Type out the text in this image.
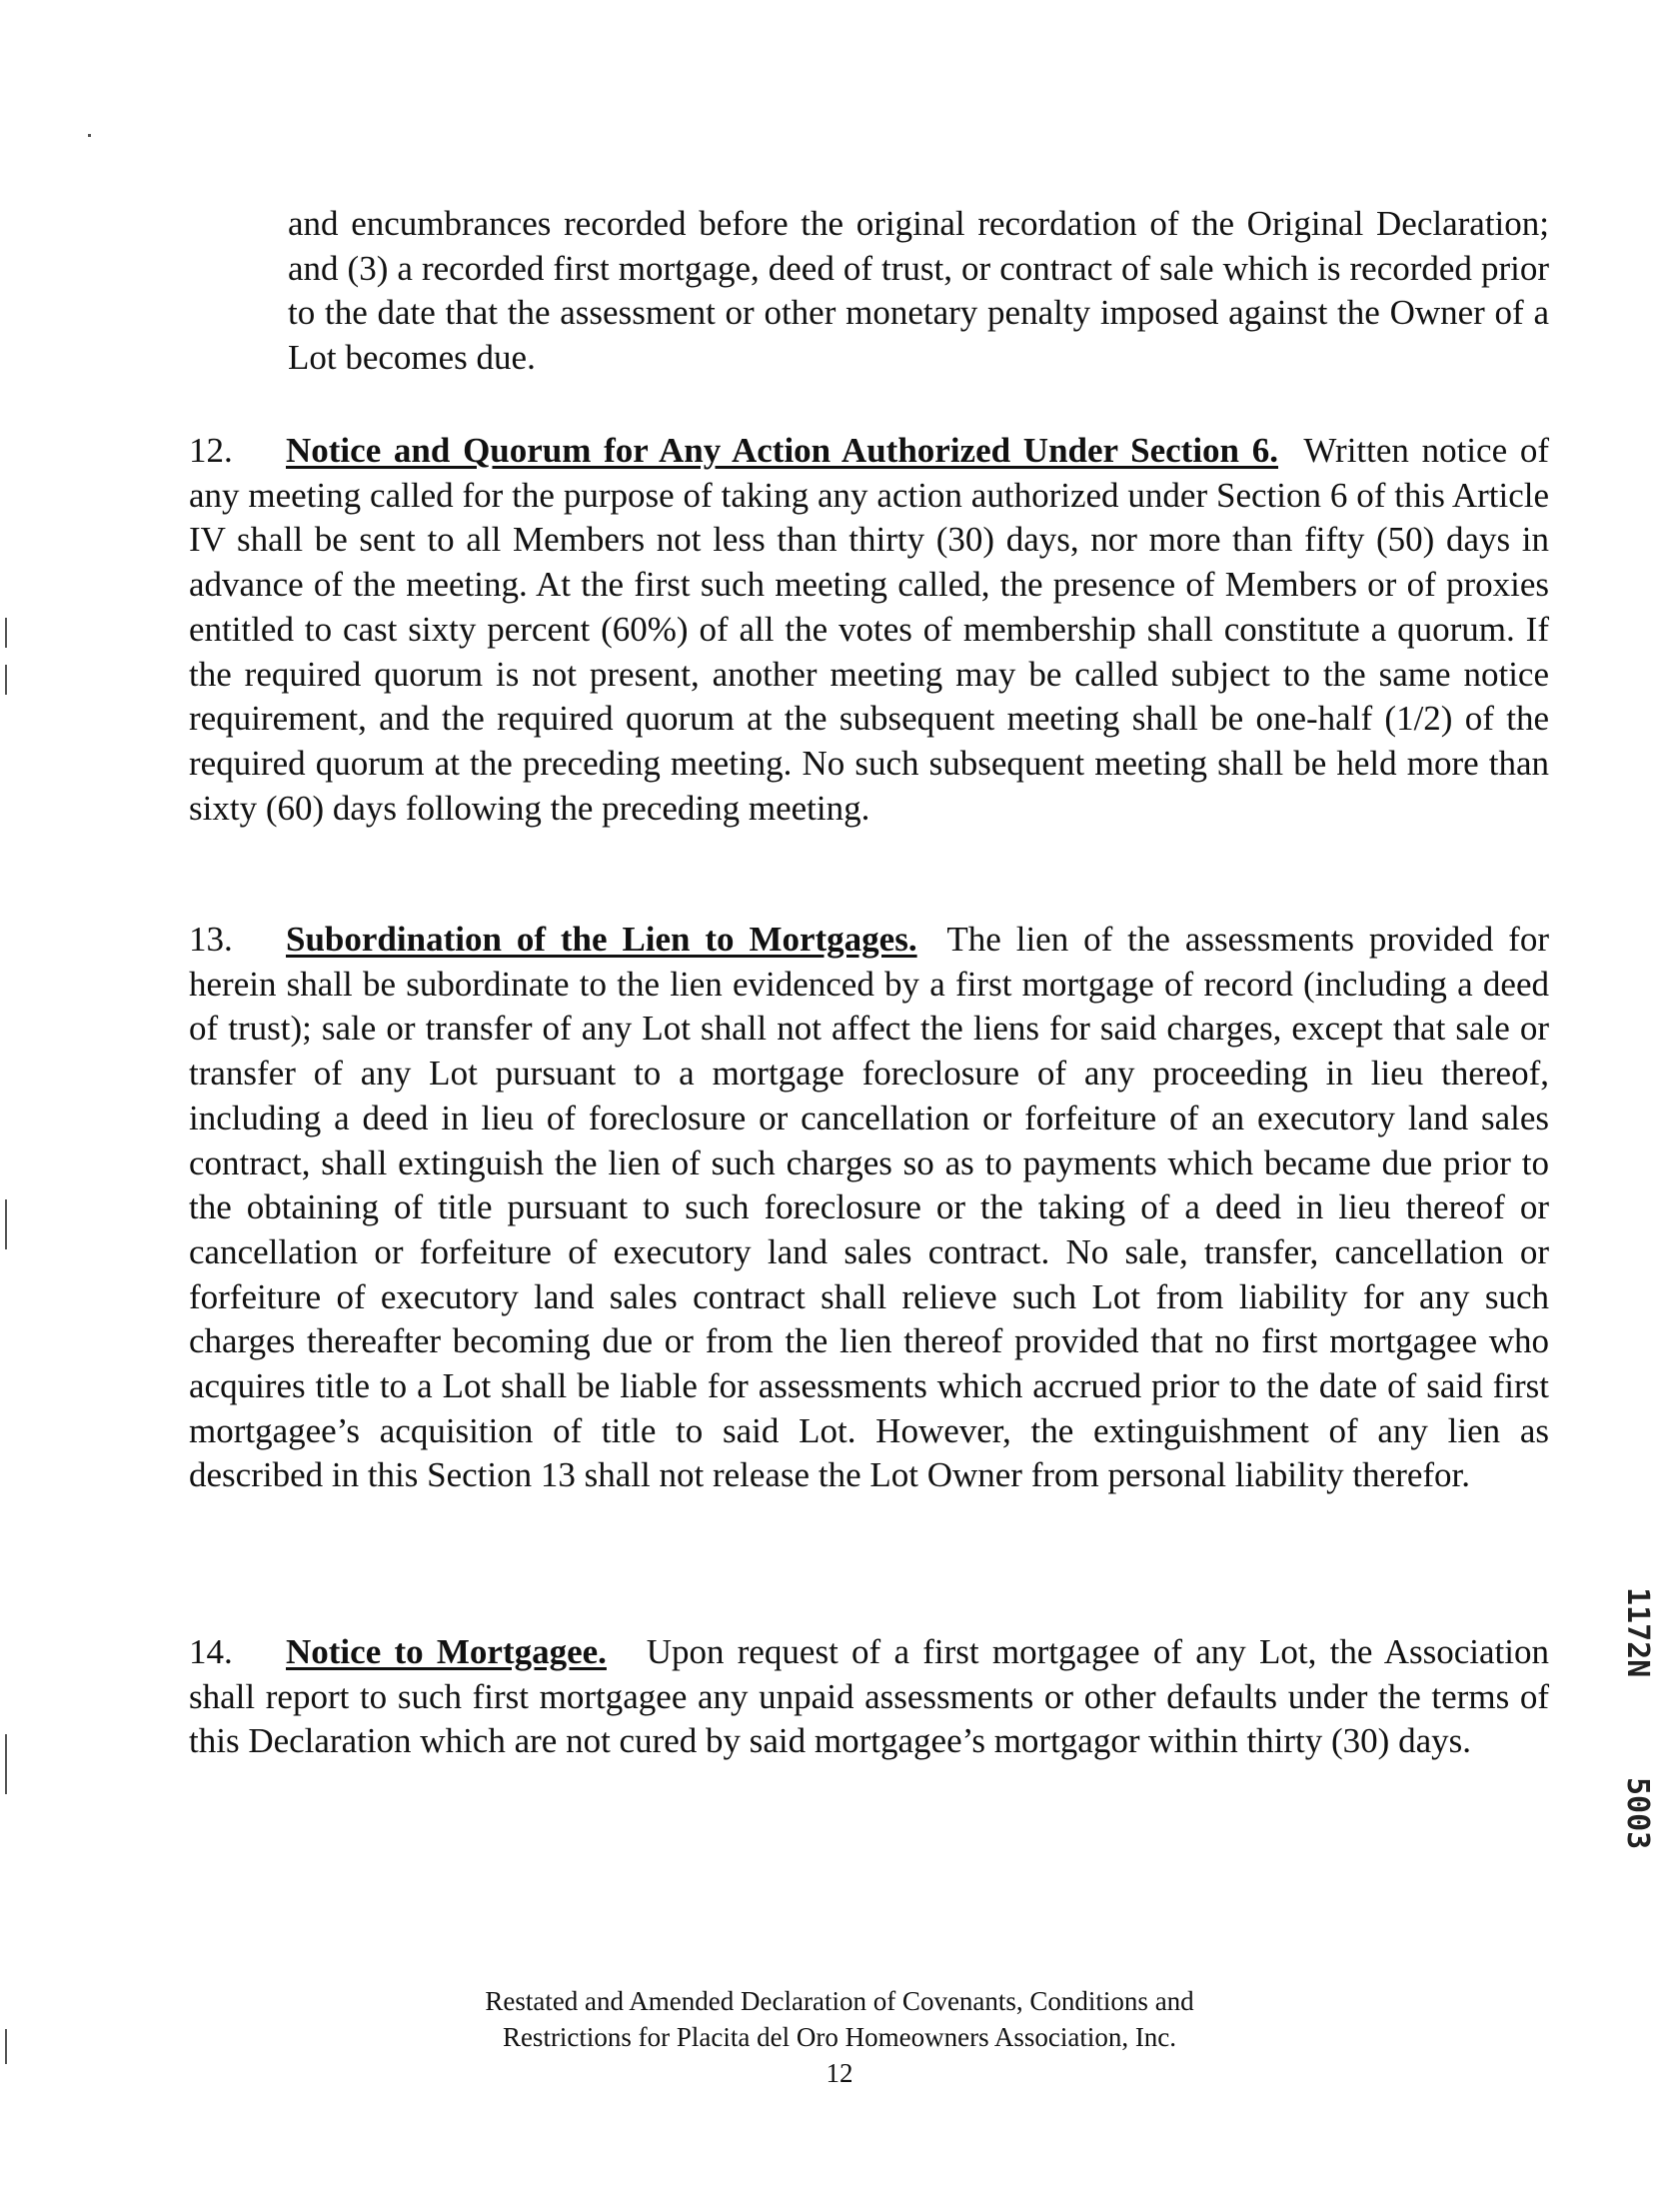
and encumbrances recorded before the original recordation of the Original Declaration; and (3) a recorded first mortgage, deed of trust, or contract of sale which is recorded prior to the date that the assessment or other monetary penalty imposed against the Owner of a Lot becomes due.

12. Notice and Quorum for Any Action Authorized Under Section 6. Written notice of any meeting called for the purpose of taking any action authorized under Section 6 of this Article IV shall be sent to all Members not less than thirty (30) days, nor more than fifty (50) days in advance of the meeting. At the first such meeting called, the presence of Members or of proxies entitled to cast sixty percent (60%) of all the votes of membership shall constitute a quorum. If the required quorum is not present, another meeting may be called subject to the same notice requirement, and the required quorum at the subsequent meeting shall be one-half (1/2) of the required quorum at the preceding meeting. No such subsequent meeting shall be held more than sixty (60) days following the preceding meeting.

13. Subordination of the Lien to Mortgages. The lien of the assessments provided for herein shall be subordinate to the lien evidenced by a first mortgage of record (including a deed of trust); sale or transfer of any Lot shall not affect the liens for said charges, except that sale or transfer of any Lot pursuant to a mortgage foreclosure of any proceeding in lieu thereof, including a deed in lieu of foreclosure or cancellation or forfeiture of an executory land sales contract, shall extinguish the lien of such charges so as to payments which became due prior to the obtaining of title pursuant to such foreclosure or the taking of a deed in lieu thereof or cancellation or forfeiture of executory land sales contract. No sale, transfer, cancellation or forfeiture of executory land sales contract shall relieve such Lot from liability for any such charges thereafter becoming due or from the lien thereof provided that no first mortgagee who acquires title to a Lot shall be liable for assessments which accrued prior to the date of said first mortgagee’s acquisition of title to said Lot. However, the extinguishment of any lien as described in this Section 13 shall not release the Lot Owner from personal liability therefor.

14. Notice to Mortgagee. Upon request of a first mortgagee of any Lot, the Association shall report to such first mortgagee any unpaid assessments or other defaults under the terms of this Declaration which are not cured by said mortgagee’s mortgagor within thirty (30) days.

Restated and Amended Declaration of Covenants, Conditions and
Restrictions for Placita del Oro Homeowners Association, Inc.
12
1172N
5003
